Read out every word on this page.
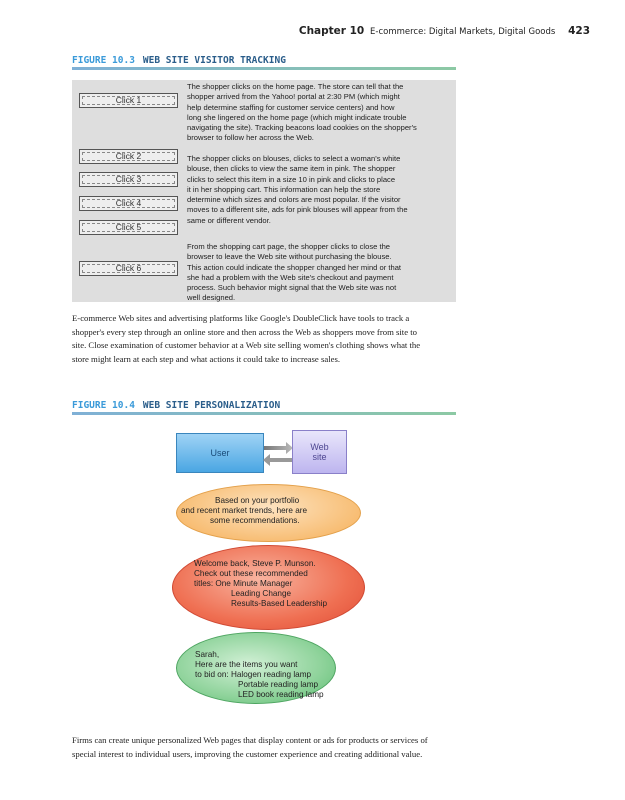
Chapter 10 E-commerce: Digital Markets, Digital Goods 423
FIGURE 10.3 WEB SITE VISITOR TRACKING
Click 1
Click 2
Click 3
Click 4
Click 5
Click 6
The shopper clicks on the home page. The store can tell that the
shopper arrived from the Yahoo! portal at 2:30 PM (which might
help determine staffing for customer service centers) and how
long she lingered on the home page (which might indicate trouble
navigating the site). Tracking beacons load cookies on the shopper's
browser to follow her across the Web.
The shopper clicks on blouses, clicks to select a woman's white
blouse, then clicks to view the same item in pink. The shopper
clicks to select this item in a size 10 in pink and clicks to place
it in her shopping cart. This information can help the store
determine which sizes and colors are most popular. If the visitor
moves to a different site, ads for pink blouses will appear from the
same or different vendor.
From the shopping cart page, the shopper clicks to close the
browser to leave the Web site without purchasing the blouse.
This action could indicate the shopper changed her mind or that
she had a problem with the Web site's checkout and payment
process. Such behavior might signal that the Web site was not
well designed.
E-commerce Web sites and advertising platforms like Google's DoubleClick have tools to track a
shopper's every step through an online store and then across the Web as shoppers move from site to
site. Close examination of customer behavior at a Web site selling women's clothing shows what the
store might learn at each step and what actions it could take to increase sales.
FIGURE 10.4 WEB SITE PERSONALIZATION
User
Web
site
Based on your portfolio
and recent market trends, here are
some recommendations.
Welcome back, Steve P. Munson.
Check out these recommended
titles: One Minute Manager
Leading Change
Results-Based Leadership
Sarah,
Here are the items you want
to bid on: Halogen reading lamp
Portable reading lamp
LED book reading lamp
Firms can create unique personalized Web pages that display content or ads for products or services of
special interest to individual users, improving the customer experience and creating additional value.
